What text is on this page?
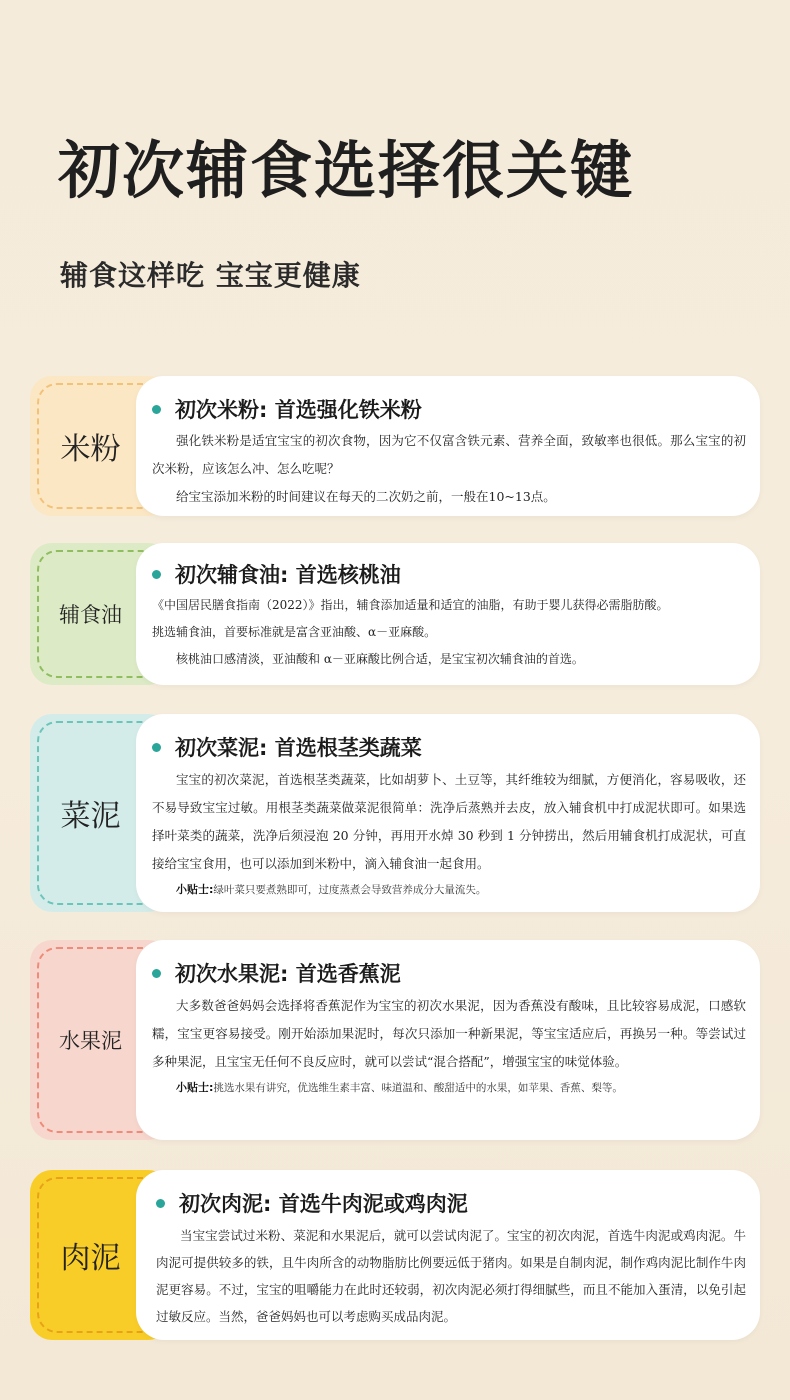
初次辅食选择很关键
辅食这样吃 宝宝更健康
米粉
初次米粉: 首选强化铁米粉

强化铁米粉是适宜宝宝的初次食物，因为它不仅富含铁元素、营养全面，致敏率也很低。那么宝宝的初次米粉，应该怎么冲、怎么吃呢？

给宝宝添加米粉的时间建议在每天的二次奶之前，一般在10~13点。

辅食油
初次辅食油: 首选核桃油

《中国居民膳食指南（2022）》指出，辅食添加适量和适宜的油脂，有助于婴儿获得必需脂肪酸。

挑选辅食油，首要标准就是富含亚油酸、α－亚麻酸。

核桃油口感清淡，亚油酸和 α－亚麻酸比例合适，是宝宝初次辅食油的首选。

菜泥
初次菜泥: 首选根茎类蔬菜

宝宝的初次菜泥，首选根茎类蔬菜，比如胡萝卜、土豆等，其纤维较为细腻，方便消化，容易吸收，还不易导致宝宝过敏。用根茎类蔬菜做菜泥很简单：洗净后蒸熟并去皮，放入辅食机中打成泥状即可。如果选择叶菜类的蔬菜，洗净后须浸泡 20 分钟，再用开水焯 30 秒到 1 分钟捞出，然后用辅食机打成泥状，可直接给宝宝食用，也可以添加到米粉中，滴入辅食油一起食用。

小贴士:绿叶菜只要煮熟即可，过度蒸煮会导致营养成分大量流失。

水果泥
初次水果泥: 首选香蕉泥

大多数爸爸妈妈会选择将香蕉泥作为宝宝的初次水果泥，因为香蕉没有酸味，且比较容易成泥，口感软糯，宝宝更容易接受。刚开始添加果泥时，每次只添加一种新果泥，等宝宝适应后，再换另一种。等尝试过多种果泥，且宝宝无任何不良反应时，就可以尝试“混合搭配”，增强宝宝的味觉体验。

小贴士:挑选水果有讲究，优选维生素丰富、味道温和、酸甜适中的水果，如苹果、香蕉、梨等。

肉泥
初次肉泥: 首选牛肉泥或鸡肉泥

当宝宝尝试过米粉、菜泥和水果泥后，就可以尝试肉泥了。宝宝的初次肉泥，首选牛肉泥或鸡肉泥。牛肉泥可提供较多的铁，且牛肉所含的动物脂肪比例要远低于猪肉。如果是自制肉泥，制作鸡肉泥比制作牛肉泥更容易。不过，宝宝的咀嚼能力在此时还较弱，初次肉泥必须打得细腻些，而且不能加入蛋清，以免引起过敏反应。当然，爸爸妈妈也可以考虑购买成品肉泥。
